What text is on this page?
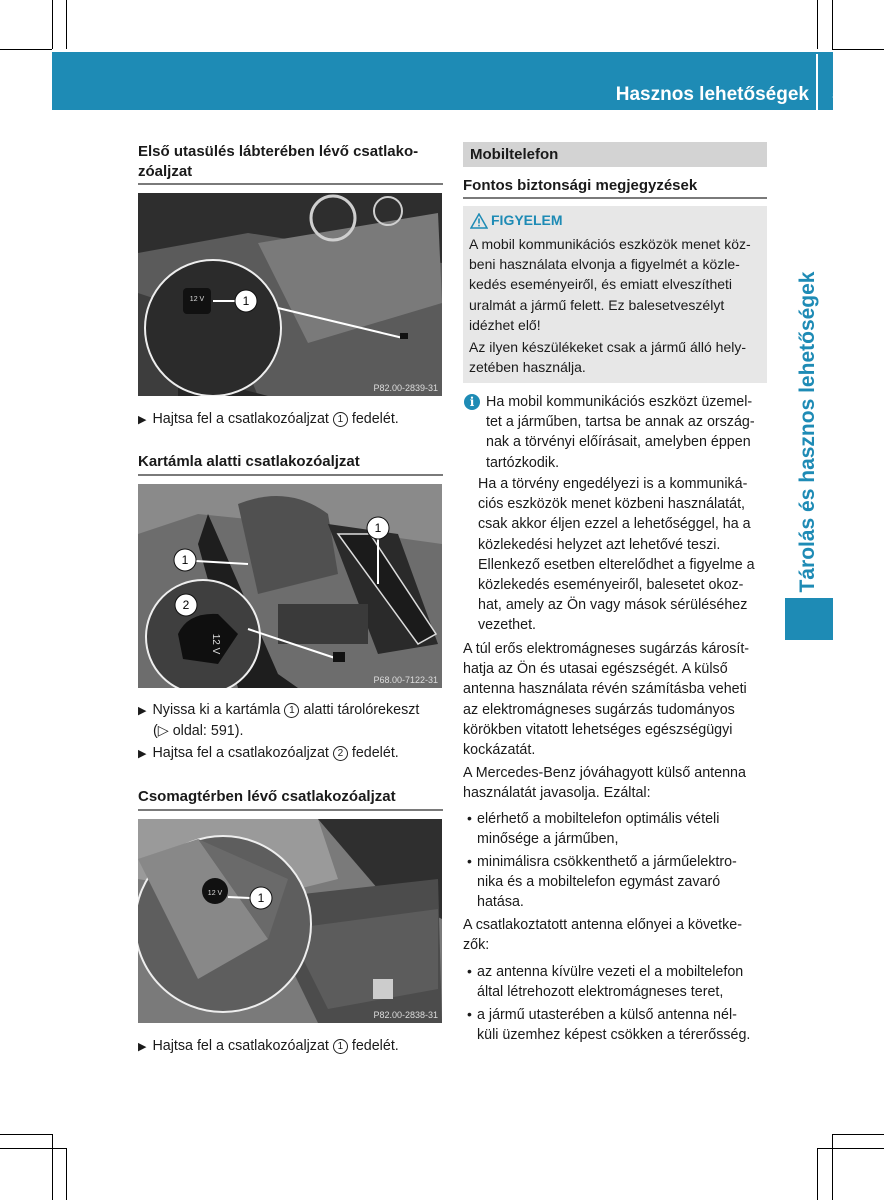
Hasznos lehetőségek	597
Tárolás és hasznos lehetőségek
Első utasülés lábterében lévő csatlako-
zóaljzat
12 V	1
P82.00-2839-31
▶ Hajtsa fel a csatlakozóaljzat 1 fedelét.
Kartámla alatti csatlakozóaljzat
12 V
1
1
2
P68.00-7122-31
▶ Nyissa ki a kartámla 1 alatti tárolórekeszt
(▷ oldal: 591).
▶ Hajtsa fel a csatlakozóaljzat 2 fedelét.
Csomagtérben lévő csatlakozóaljzat
12 V	1
P82.00-2838-31
▶ Hajtsa fel a csatlakozóaljzat 1 fedelét.
Mobiltelefon
Fontos biztonsági megjegyzések
FIGYELEM
A mobil kommunikációs eszközök menet köz-
beni használata elvonja a figyelmét a közle-
kedés eseményeiről, és emiatt elveszítheti
uralmát a jármű felett. Ez balesetveszélyt
idézhet elő!
Az ilyen készülékeket csak a jármű álló hely-
zetében használja.
i Ha mobil kommunikációs eszközt üzemel-
tet a járműben, tartsa be annak az ország-
nak a törvényi előírásait, amelyben éppen
tartózkodik.
Ha a törvény engedélyezi is a kommuniká-
ciós eszközök menet közbeni használatát,
csak akkor éljen ezzel a lehetőséggel, ha a
közlekedési helyzet azt lehetővé teszi.
Ellenkező esetben elterelődhet a figyelme a
közlekedés eseményeiről, balesetet okoz-
hat, amely az Ön vagy mások sérüléséhez
vezethet.
A túl erős elektromágneses sugárzás károsít-
hatja az Ön és utasai egészségét. A külső
antenna használata révén számításba veheti
az elektromágneses sugárzás tudományos
körökben vitatott lehetséges egészségügyi
kockázatát.
A Mercedes-Benz jóváhagyott külső antenna
használatát javasolja. Ezáltal:
• elérhető a mobiltelefon optimális vételi
minősége a járműben,
• minimálisra csökkenthető a járműelektro-
nika és a mobiltelefon egymást zavaró
hatása.
A csatlakoztatott antenna előnyei a követke-
zők:
• az antenna kívülre vezeti el a mobiltelefon
által létrehozott elektromágneses teret,
• a jármű utasterében a külső antenna nél-
küli üzemhez képest csökken a térerősség.
